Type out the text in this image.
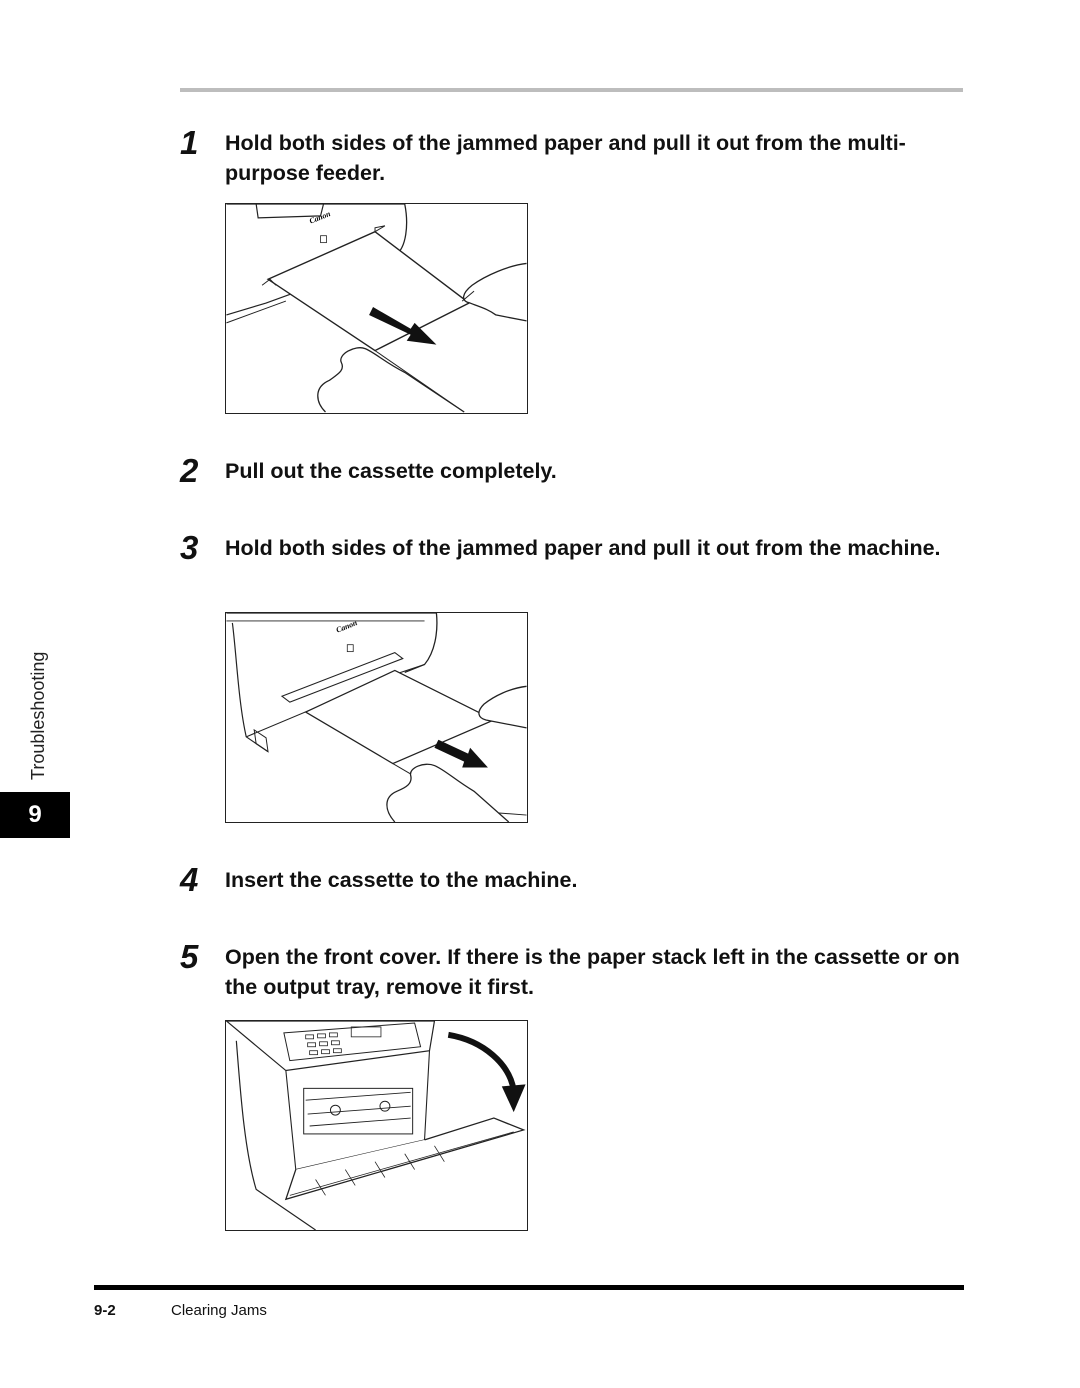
1	Hold both sides of the jammed paper and pull it out from the multi-purpose feeder.
Canon
2	Pull out the cassette completely.
3	Hold both sides of the jammed paper and pull it out from the machine.
Canon
4	Insert the cassette to the machine.
5	Open the front cover. If there is the paper stack left in the cassette or on the output tray, remove it first.
Troubleshooting
9
9-2	Clearing Jams
